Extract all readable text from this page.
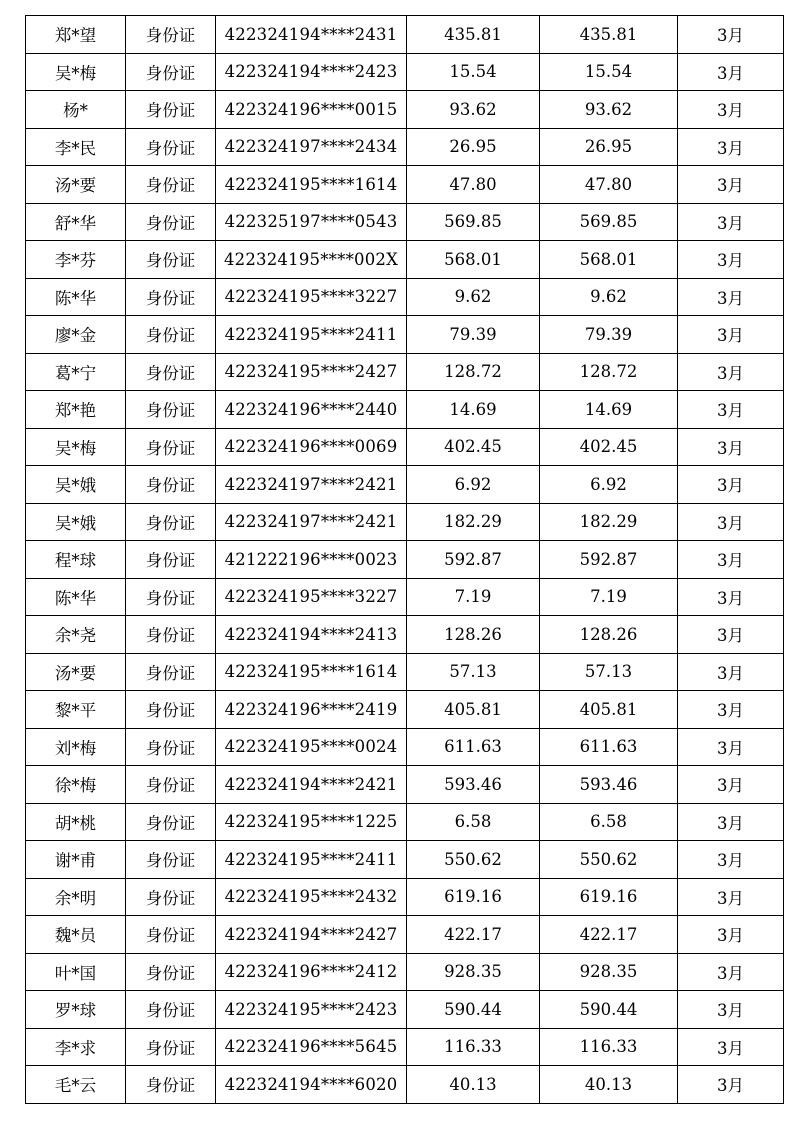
郑*望	身份证	422324194****2431	435.81	435.81	3月
吴*梅	身份证	422324194****2423	15.54	15.54	3月
杨*	身份证	422324196****0015	93.62	93.62	3月
李*民	身份证	422324197****2434	26.95	26.95	3月
汤*要	身份证	422324195****1614	47.80	47.80	3月
舒*华	身份证	422325197****0543	569.85	569.85	3月
李*芬	身份证	422324195****002X	568.01	568.01	3月
陈*华	身份证	422324195****3227	9.62	9.62	3月
廖*金	身份证	422324195****2411	79.39	79.39	3月
葛*宁	身份证	422324195****2427	128.72	128.72	3月
郑*艳	身份证	422324196****2440	14.69	14.69	3月
吴*梅	身份证	422324196****0069	402.45	402.45	3月
吴*娥	身份证	422324197****2421	6.92	6.92	3月
吴*娥	身份证	422324197****2421	182.29	182.29	3月
程*球	身份证	421222196****0023	592.87	592.87	3月
陈*华	身份证	422324195****3227	7.19	7.19	3月
余*尧	身份证	422324194****2413	128.26	128.26	3月
汤*要	身份证	422324195****1614	57.13	57.13	3月
黎*平	身份证	422324196****2419	405.81	405.81	3月
刘*梅	身份证	422324195****0024	611.63	611.63	3月
徐*梅	身份证	422324194****2421	593.46	593.46	3月
胡*桃	身份证	422324195****1225	6.58	6.58	3月
谢*甫	身份证	422324195****2411	550.62	550.62	3月
余*明	身份证	422324195****2432	619.16	619.16	3月
魏*员	身份证	422324194****2427	422.17	422.17	3月
叶*国	身份证	422324196****2412	928.35	928.35	3月
罗*球	身份证	422324195****2423	590.44	590.44	3月
李*求	身份证	422324196****5645	116.33	116.33	3月
毛*云	身份证	422324194****6020	40.13	40.13	3月
